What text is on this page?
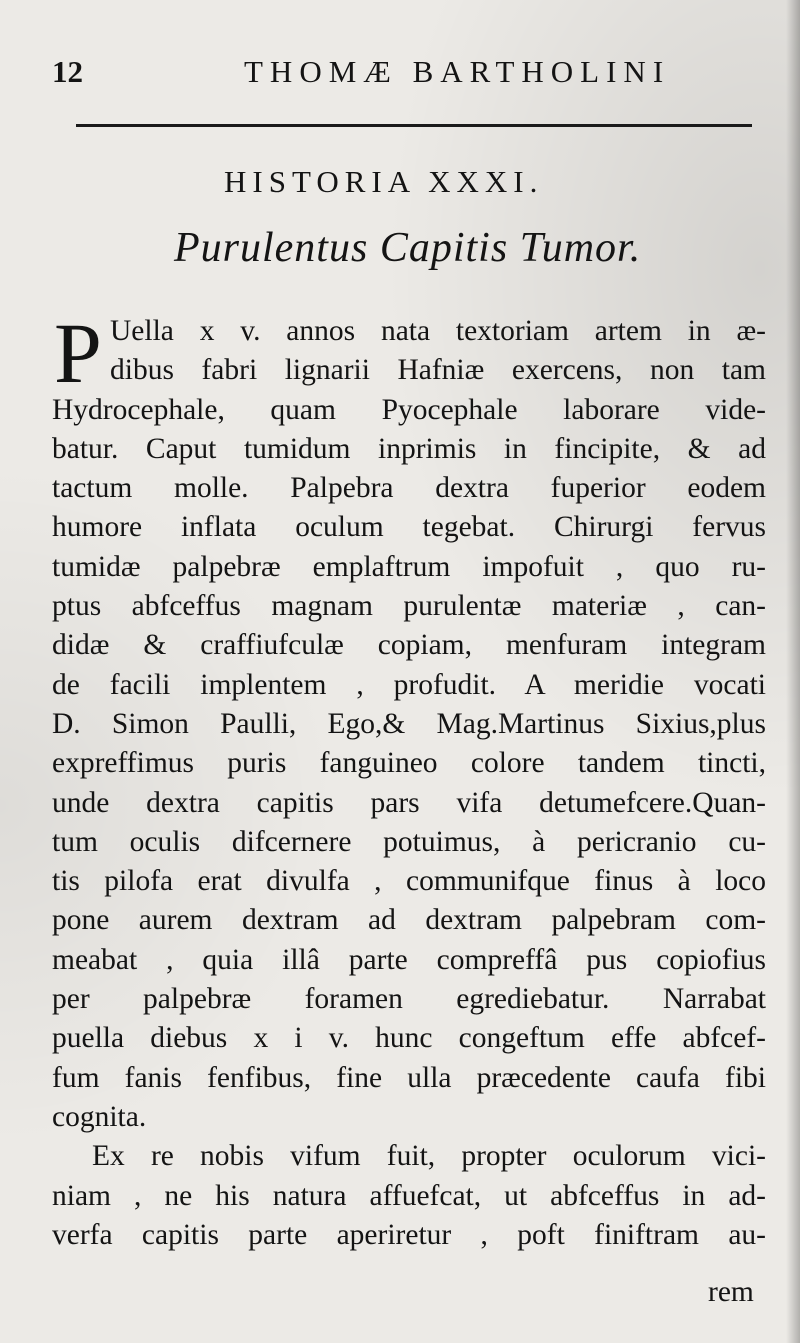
12	THOMÆ BARTHOLINI
HISTORIA XXXI.
Purulentus Capitis Tumor.
P Uella x v. annos nata textoriam artem in æ-
dibus fabri lignarii Hafniæ exercens, non tam
Hydrocephale, quam Pyocephale laborare vide-
batur. Caput tumidum inprimis in fincipite, & ad
tactum molle. Palpebra dextra fuperior eodem
humore inflata oculum tegebat. Chirurgi fervus
tumidæ palpebræ emplaftrum impofuit , quo ru-
ptus abfceffus magnam purulentæ materiæ , can-
didæ & craffiufculæ copiam, menfuram integram
de facili implentem , profudit. A meridie vocati
D. Simon Paulli, Ego,& Mag.Martinus Sixius,plus
expreffimus puris fanguineo colore tandem tincti,
unde dextra capitis pars vifa detumefcere.Quan-
tum oculis difcernere potuimus, à pericranio cu-
tis pilofa erat divulfa , communifque finus à loco
pone aurem dextram ad dextram palpebram com-
meabat , quia illâ parte compreffâ pus copiofius
per palpebræ foramen egrediebatur. Narrabat
puella diebus x i v. hunc congeftum effe abfcef-
fum fanis fenfibus, fine ulla præcedente caufa fibi
cognita.
Ex re nobis vifum fuit, propter oculorum vici-
niam , ne his natura affuefcat, ut abfceffus in ad-
verfa capitis parte aperiretur , poft finiftram au-
rem
